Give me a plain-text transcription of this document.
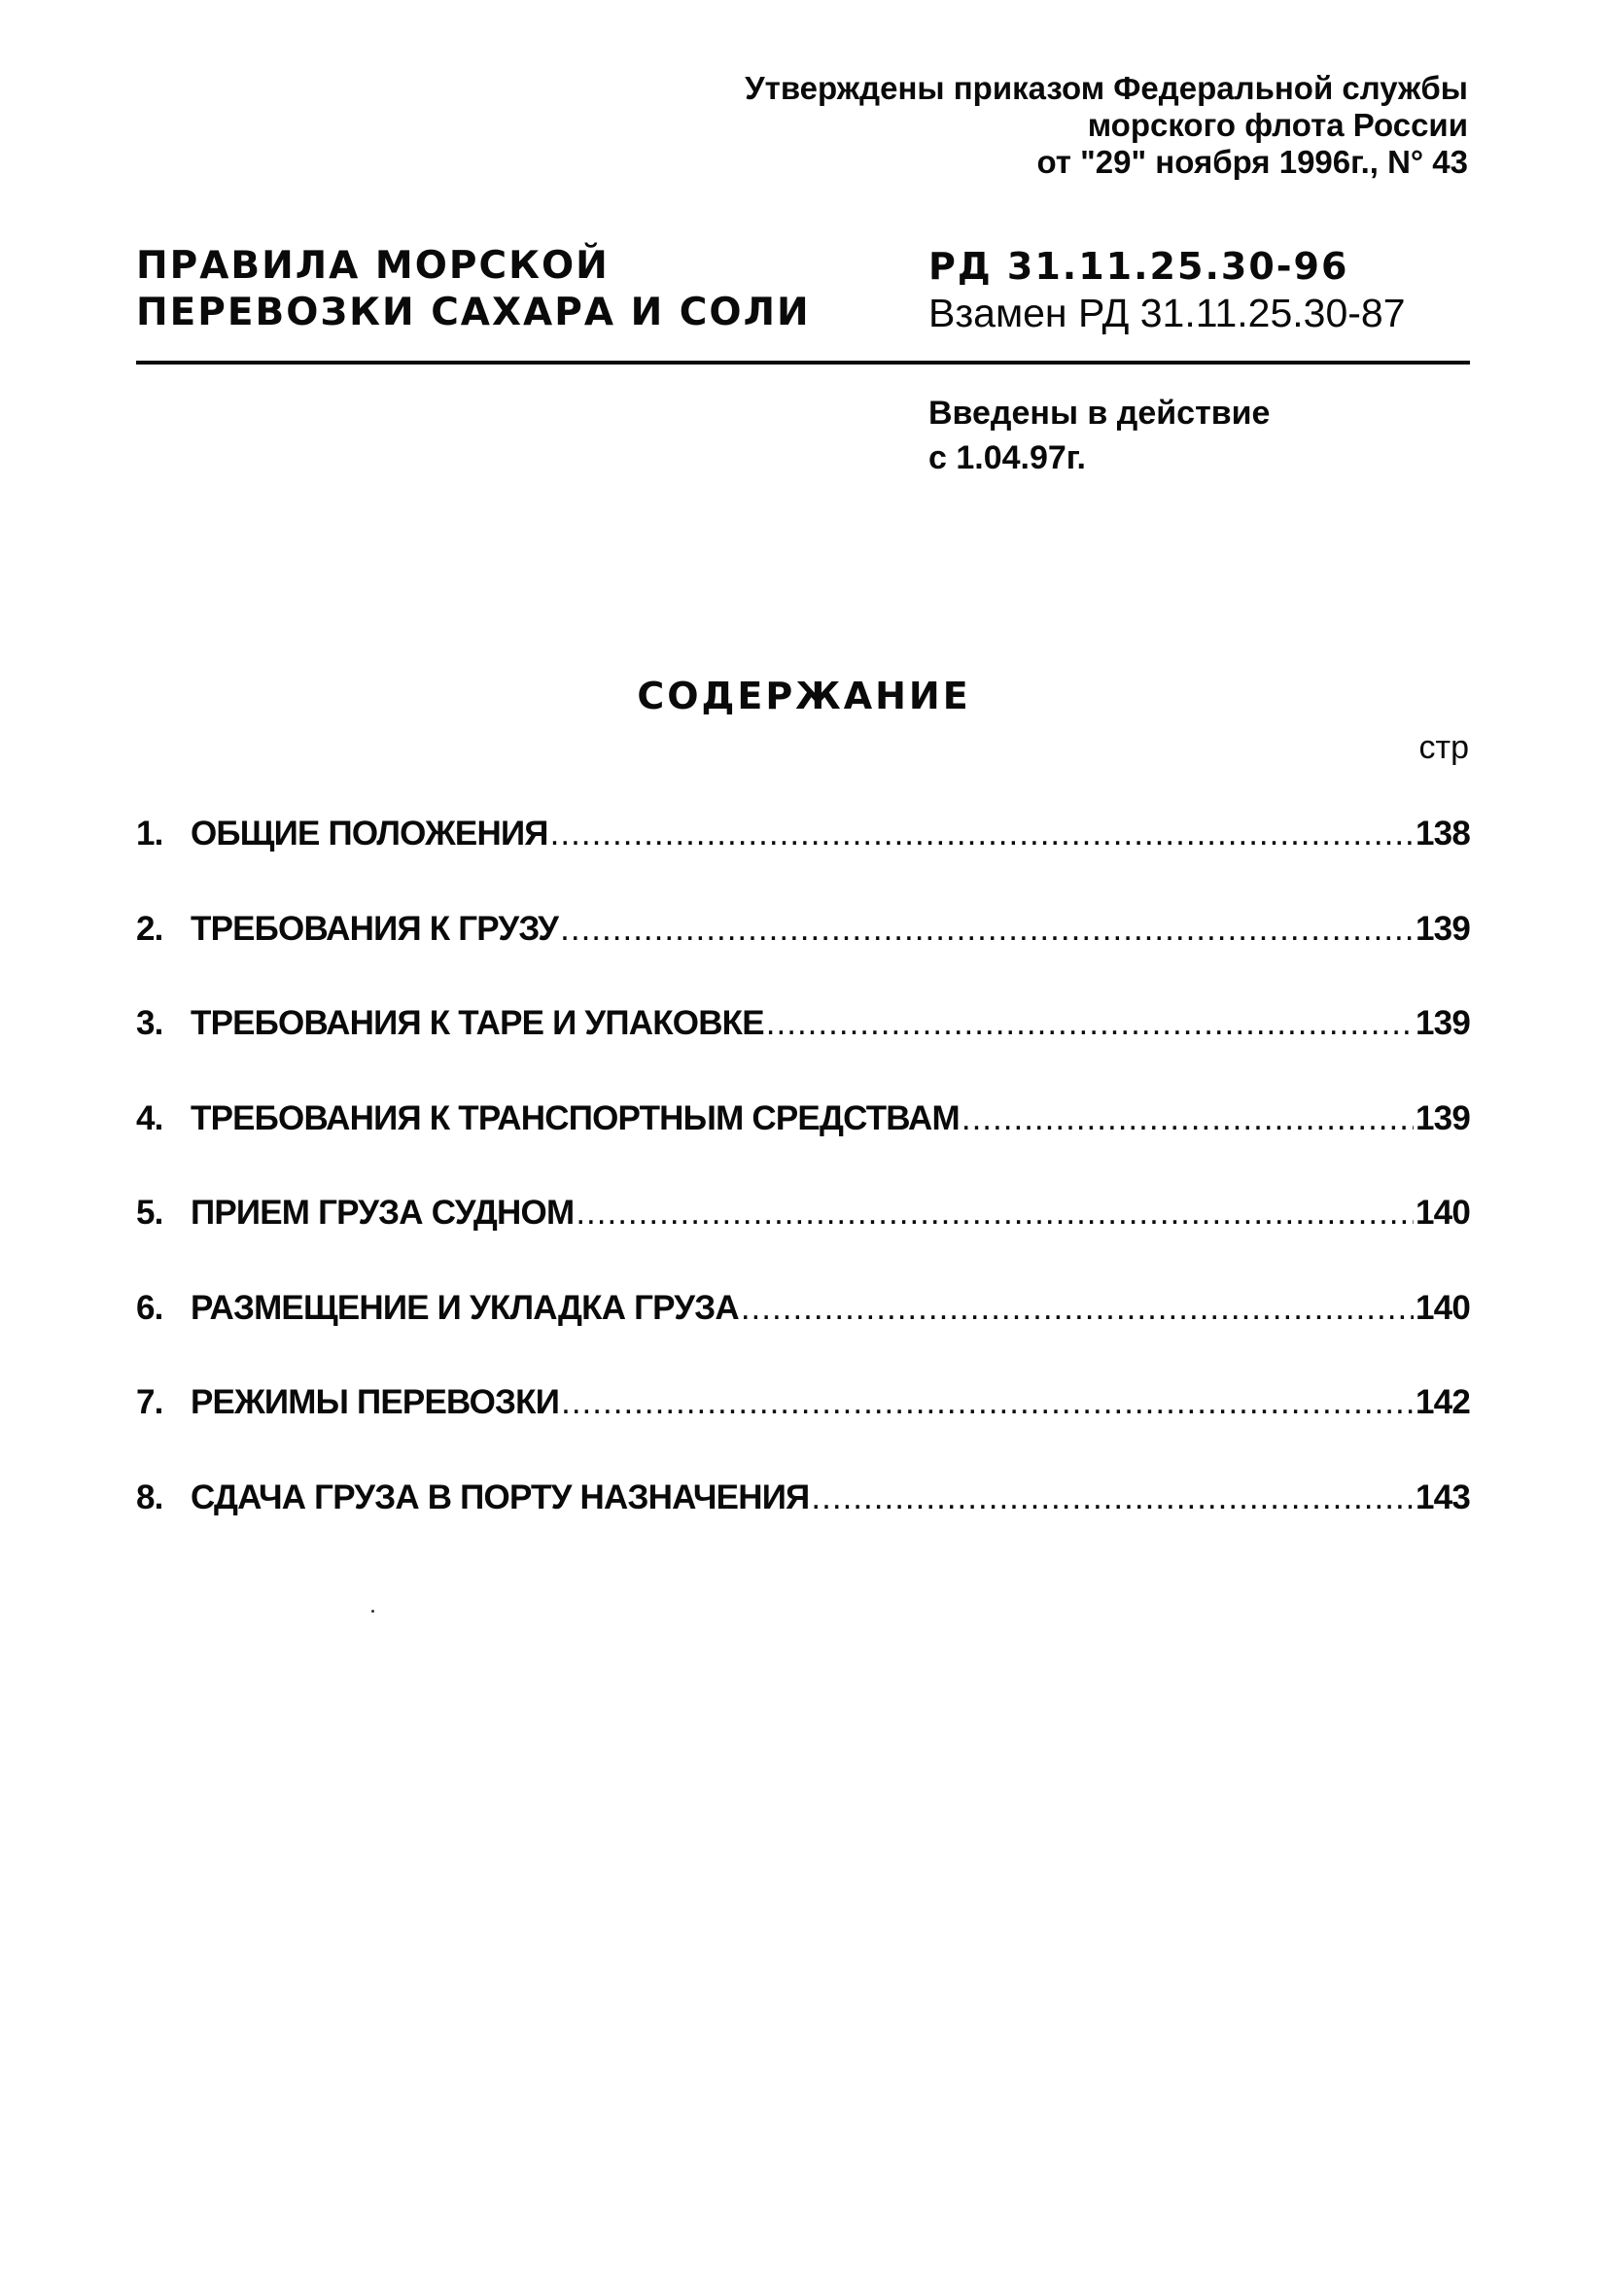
Утверждены приказом Федеральной службы
морского флота России
от "29" ноября 1996г., N° 43
ПРАВИЛА МОРСКОЙ
ПЕРЕВОЗКИ САХАРА И СОЛИ
РД 31.11.25.30-96
Взамен РД 31.11.25.30-87
Введены в действие
с 1.04.97г.
СОДЕРЖАНИЕ
стр
1. ОБЩИЕ ПОЛОЖЕНИЯ .....	138
2. ТРЕБОВАНИЯ К ГРУЗУ .....	139
3. ТРЕБОВАНИЯ К ТАРЕ И УПАКОВКЕ .....	139
4. ТРЕБОВАНИЯ К ТРАНСПОРТНЫМ СРЕДСТВАМ .....	139
5. ПРИЕМ ГРУЗА СУДНОМ .....	140
6. РАЗМЕЩЕНИЕ И УКЛАДКА ГРУЗА .....	140
7. РЕЖИМЫ ПЕРЕВОЗКИ .....	142
8. СДАЧА ГРУЗА В ПОРТУ НАЗНАЧЕНИЯ .....	143
